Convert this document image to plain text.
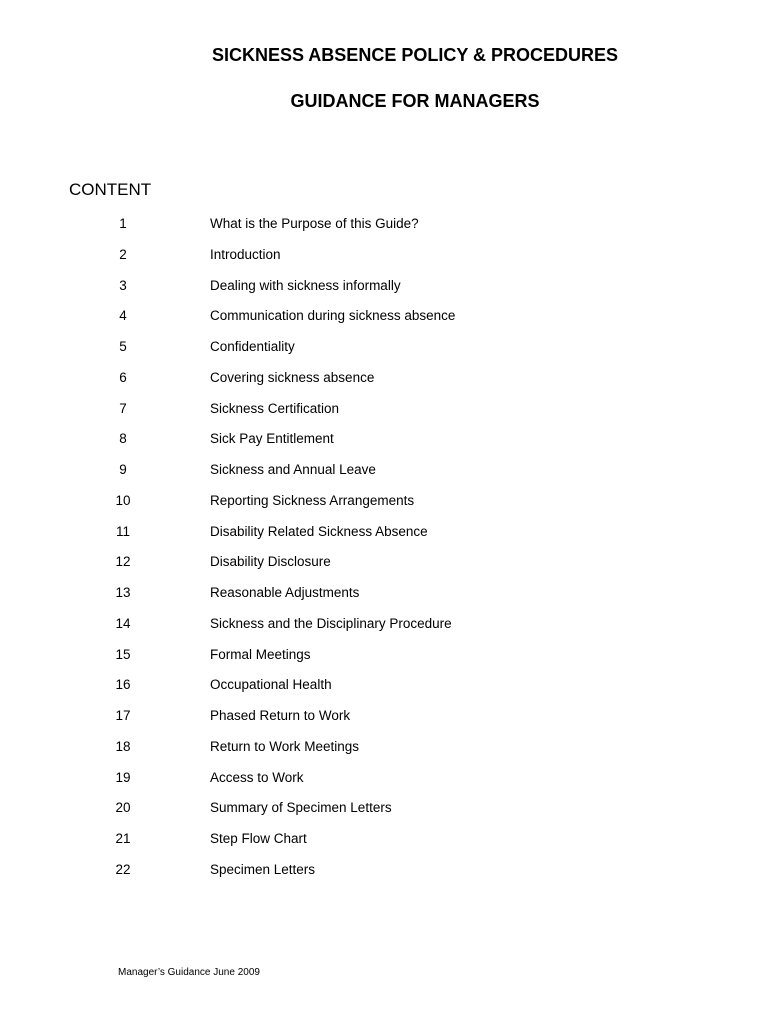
SICKNESS ABSENCE POLICY & PROCEDURES
GUIDANCE FOR MANAGERS
CONTENT
1	What is the Purpose of this Guide?
2	Introduction
3	Dealing with sickness informally
4	Communication during sickness absence
5	Confidentiality
6	Covering sickness absence
7	Sickness Certification
8	Sick Pay Entitlement
9	Sickness and Annual Leave
10	Reporting Sickness Arrangements
11	Disability Related Sickness Absence
12	Disability Disclosure
13	Reasonable Adjustments
14	Sickness and the Disciplinary Procedure
15	Formal Meetings
16	Occupational Health
17	Phased Return to Work
18	Return to Work Meetings
19	Access to Work
20	Summary of Specimen Letters
21	Step Flow Chart
22	Specimen Letters

Manager’s Guidance June 2009
